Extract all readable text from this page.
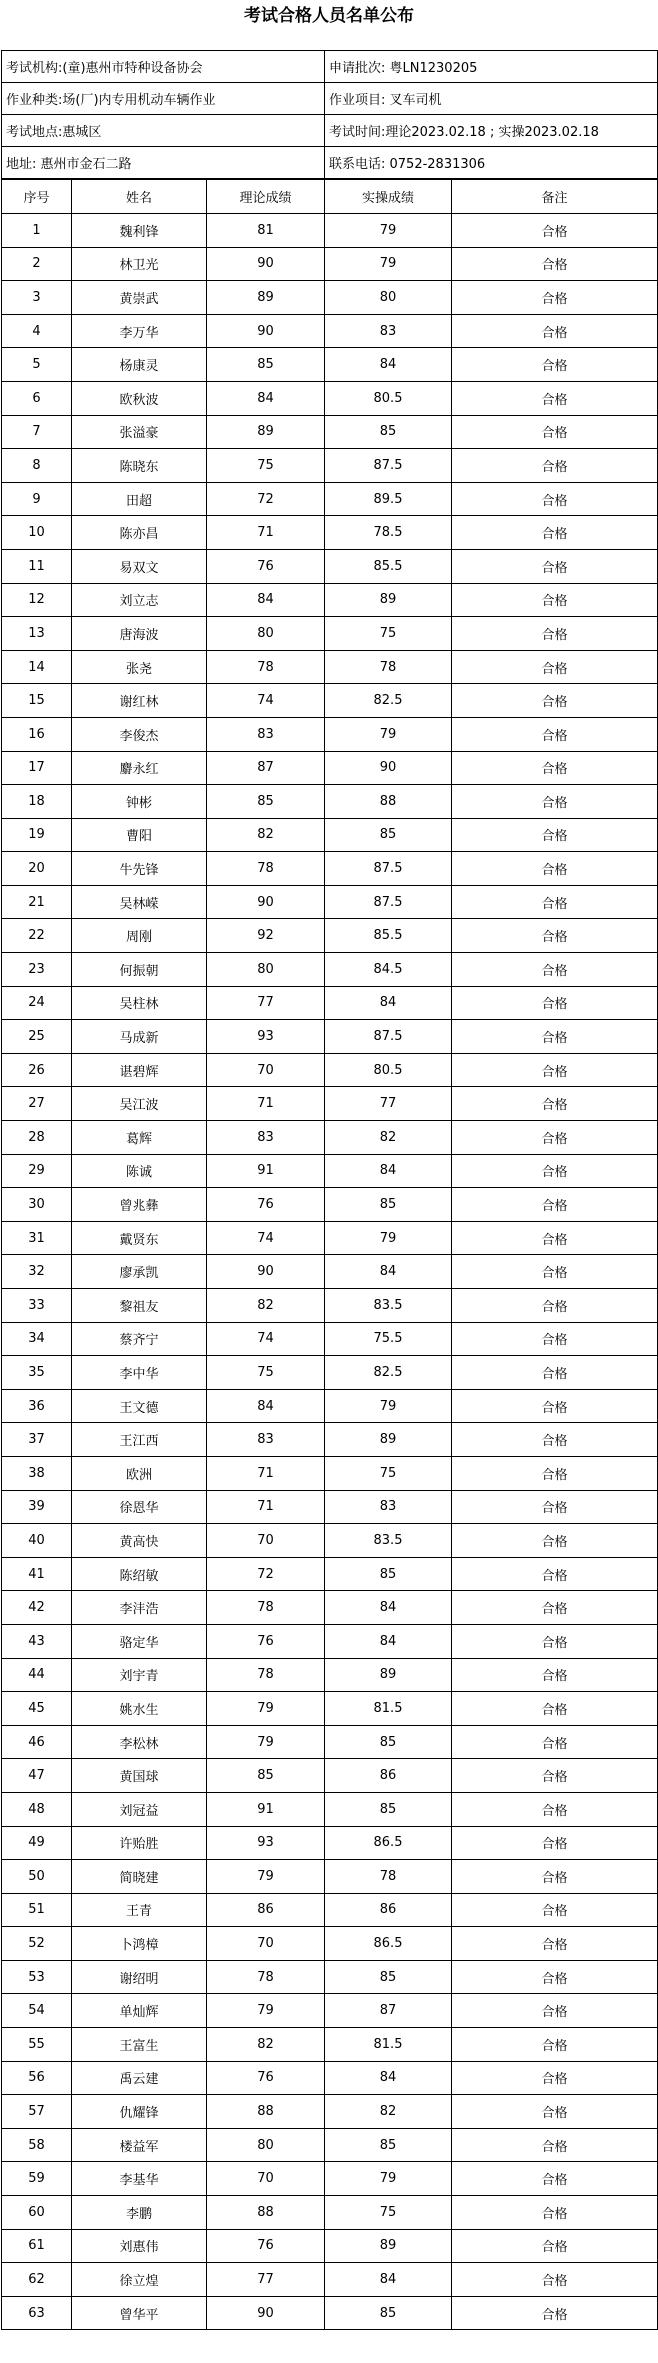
考试合格人员名单公布
考试机构:(童)惠州市特种设备协会	申请批次: 粤LN1230205
作业种类:场(厂)内专用机动车辆作业	作业项目: 叉车司机
考试地点:惠城区	考试时间:理论2023.02.18 ; 实操2023.02.18
地址: 惠州市金石二路	联系电话: 0752-2831306
序号	姓名	理论成绩	实操成绩	备注
1	魏利锋	81	79	合格
2	林卫光	90	79	合格
3	黄崇武	89	80	合格
4	李万华	90	83	合格
5	杨康灵	85	84	合格
6	欧秋波	84	80.5	合格
7	张溢豪	89	85	合格
8	陈晓东	75	87.5	合格
9	田超	72	89.5	合格
10	陈亦昌	71	78.5	合格
11	易双文	76	85.5	合格
12	刘立志	84	89	合格
13	唐海波	80	75	合格
14	张尧	78	78	合格
15	谢红林	74	82.5	合格
16	李俊杰	83	79	合格
17	麝永红	87	90	合格
18	钟彬	85	88	合格
19	曹阳	82	85	合格
20	牛先锋	78	87.5	合格
21	吴林嵘	90	87.5	合格
22	周刚	92	85.5	合格
23	何振朝	80	84.5	合格
24	吴柱林	77	84	合格
25	马成新	93	87.5	合格
26	谌碧辉	70	80.5	合格
27	吴江波	71	77	合格
28	葛辉	83	82	合格
29	陈诚	91	84	合格
30	曾兆彝	76	85	合格
31	戴贤东	74	79	合格
32	廖承凯	90	84	合格
33	黎祖友	82	83.5	合格
34	蔡齐宁	74	75.5	合格
35	李中华	75	82.5	合格
36	王文德	84	79	合格
37	王江西	83	89	合格
38	欧洲	71	75	合格
39	徐恩华	71	83	合格
40	黄高快	70	83.5	合格
41	陈绍敏	72	85	合格
42	李沣浩	78	84	合格
43	骆定华	76	84	合格
44	刘宇青	78	89	合格
45	姚水生	79	81.5	合格
46	李松林	79	85	合格
47	黄国球	85	86	合格
48	刘冠益	91	85	合格
49	许贻胜	93	86.5	合格
50	简晓建	79	78	合格
51	王青	86	86	合格
52	卜鸿樟	70	86.5	合格
53	谢绍明	78	85	合格
54	单灿辉	79	87	合格
55	王富生	82	81.5	合格
56	禹云建	76	84	合格
57	仇耀锋	88	82	合格
58	楼益军	80	85	合格
59	李基华	70	79	合格
60	李鹏	88	75	合格
61	刘惠伟	76	89	合格
62	徐立煌	77	84	合格
63	曾华平	90	85	合格
